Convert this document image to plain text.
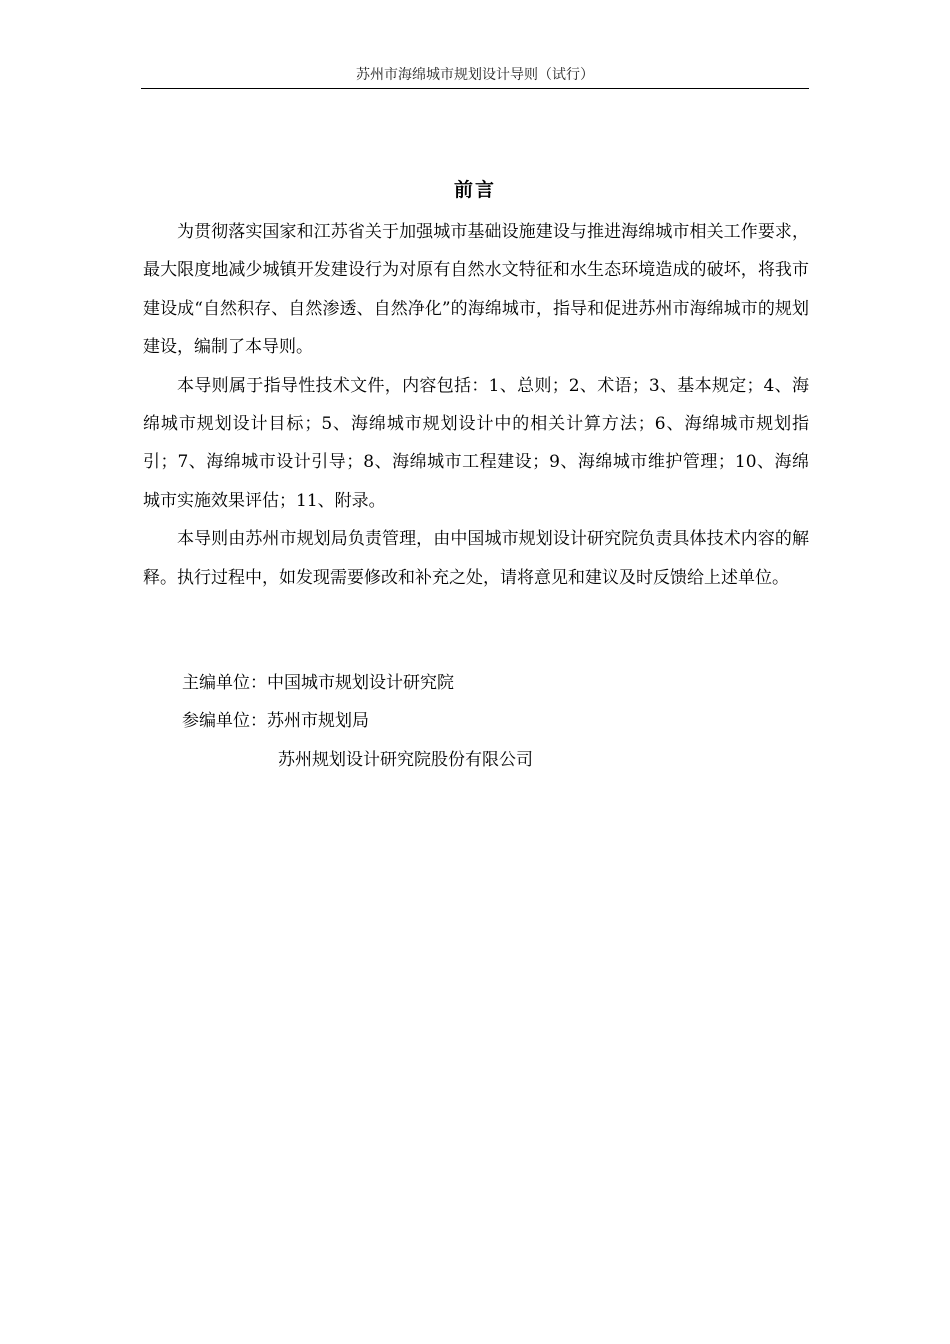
苏州市海绵城市规划设计导则（试行）
前言

为贯彻落实国家和江苏省关于加强城市基础设施建设与推进海绵城市相关工作要求，最大限度地减少城镇开发建设行为对原有自然水文特征和水生态环境造成的破坏，将我市建设成“自然积存、自然渗透、自然净化”的海绵城市，指导和促进苏州市海绵城市的规划建设，编制了本导则。

本导则属于指导性技术文件，内容包括：1、总则；2、术语；3、基本规定；4、海绵城市规划设计目标；5、海绵城市规划设计中的相关计算方法；6、海绵城市规划指引；7、海绵城市设计引导；8、海绵城市工程建设；9、海绵城市维护管理；10、海绵城市实施效果评估；11、附录。

本导则由苏州市规划局负责管理，由中国城市规划设计研究院负责具体技术内容的解释。执行过程中，如发现需要修改和补充之处，请将意见和建议及时反馈给上述单位。

主编单位：中国城市规划设计研究院
参编单位：苏州市规划局
苏州规划设计研究院股份有限公司
